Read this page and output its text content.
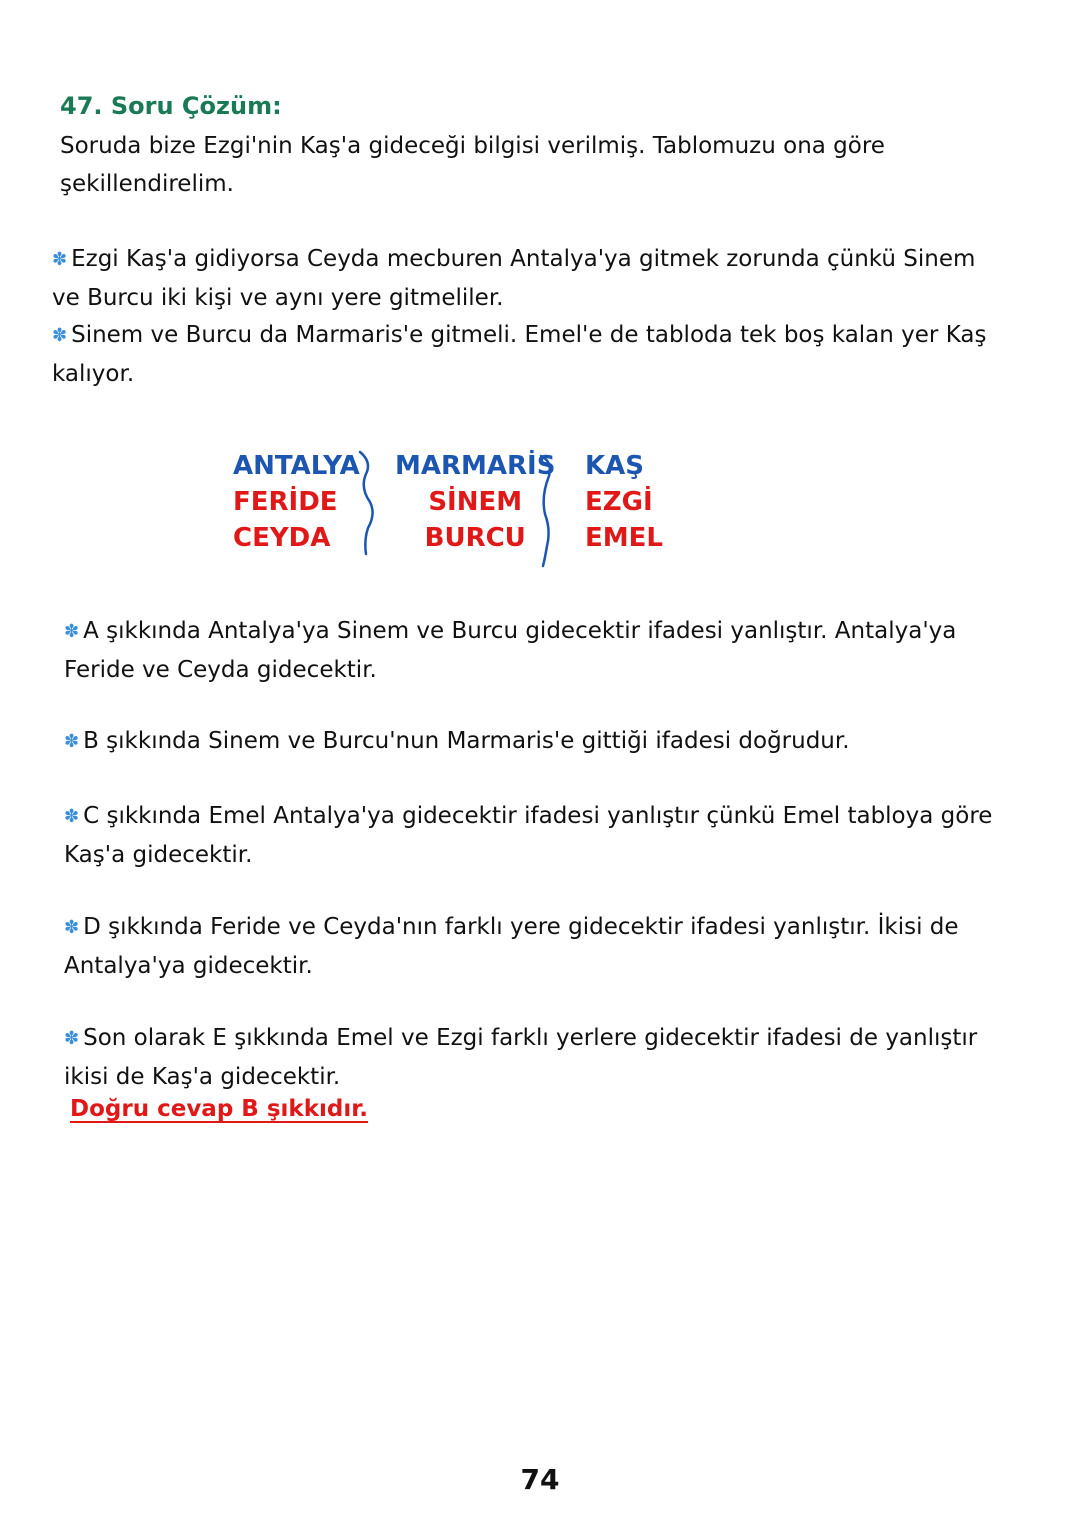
47. Soru Çözüm:
Soruda bize Ezgi'nin Kaş'a gideceği bilgisi verilmiş. Tablomuzu ona göre şekillendirelim.
✽ Ezgi Kaş'a gidiyorsa Ceyda mecburen Antalya'ya gitmek zorunda çünkü Sinem ve Burcu iki kişi ve aynı yere gitmeliler.
✽ Sinem ve Burcu da Marmaris'e gitmeli. Emel'e de tabloda tek boş kalan yer Kaş kalıyor.
ANTALYA
FERİDE
CEYDA
MARMARİS
SİNEM
BURCU
KAŞ
EZGİ
EMEL
✽ A şıkkında Antalya'ya Sinem ve Burcu gidecektir ifadesi yanlıştır. Antalya'ya Feride ve Ceyda gidecektir.
✽ B şıkkında Sinem ve Burcu'nun Marmaris'e gittiği ifadesi doğrudur.
✽ C şıkkında Emel Antalya'ya gidecektir ifadesi yanlıştır çünkü Emel tabloya göre Kaş'a gidecektir.
✽ D şıkkında Feride ve Ceyda'nın farklı yere gidecektir ifadesi yanlıştır. İkisi de Antalya'ya gidecektir.
✽ Son olarak E şıkkında Emel ve Ezgi farklı yerlere gidecektir ifadesi de yanlıştır ikisi de Kaş'a gidecektir.
Doğru cevap B şıkkıdır.
74
